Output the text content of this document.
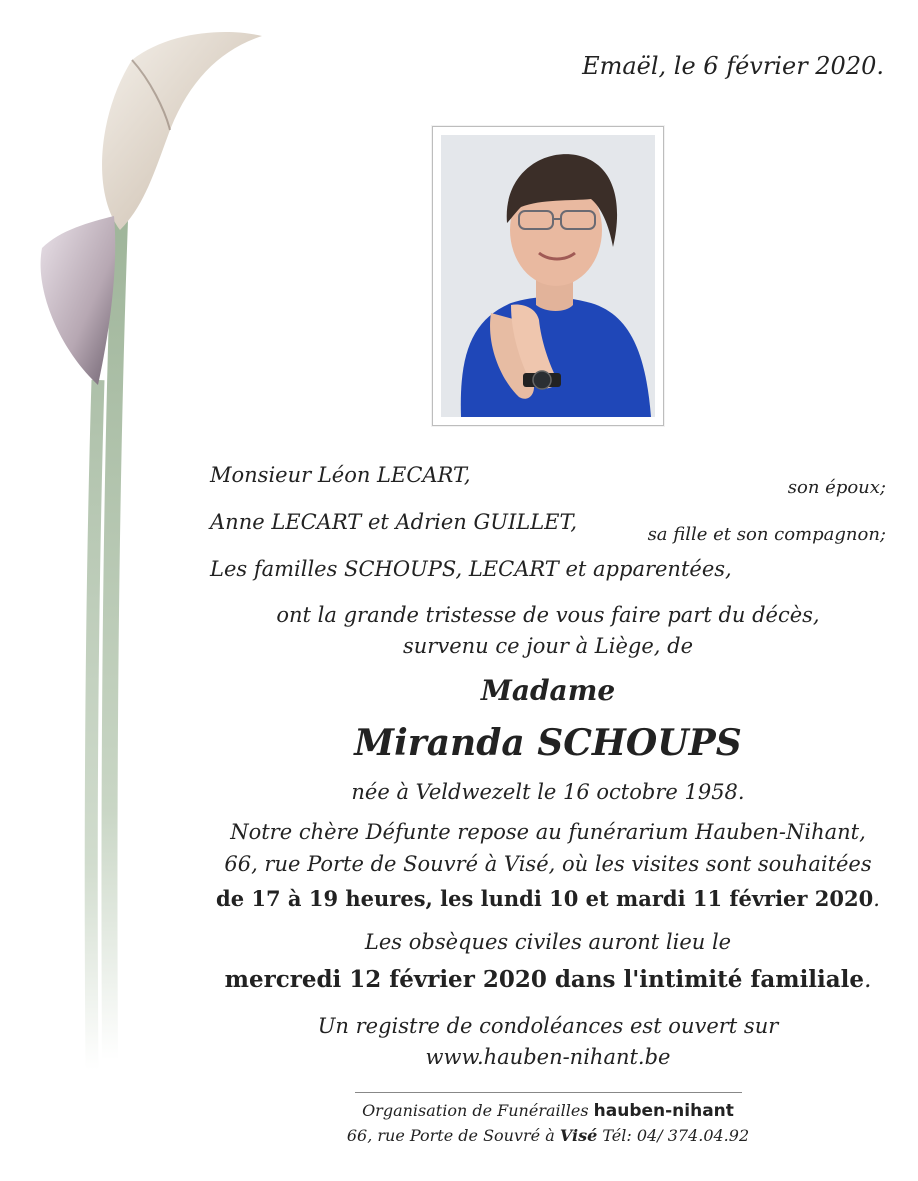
Emaël, le 6 février 2020.
Monsieur Léon LECART,
son époux;
Anne LECART et Adrien GUILLET,
sa fille et son compagnon;
Les familles SCHOUPS, LECART et apparentées,
ont la grande tristesse de vous faire part du décès,
survenu ce jour à Liège, de
Madame
Miranda SCHOUPS
née à Veldwezelt le 16 octobre 1958.
Notre chère Défunte repose au funérarium Hauben-Nihant,
66, rue Porte de Souvré à Visé, où les visites sont souhaitées
de 17 à 19 heures, les lundi 10 et mardi 11 février 2020.
Les obsèques civiles auront lieu le
mercredi 12 février 2020 dans l'intimité familiale.
Un registre de condoléances est ouvert sur
www.hauben-nihant.be
Organisation de Funérailles hauben-nihant
66, rue Porte de Souvré à Visé Tél: 04/ 374.04.92
